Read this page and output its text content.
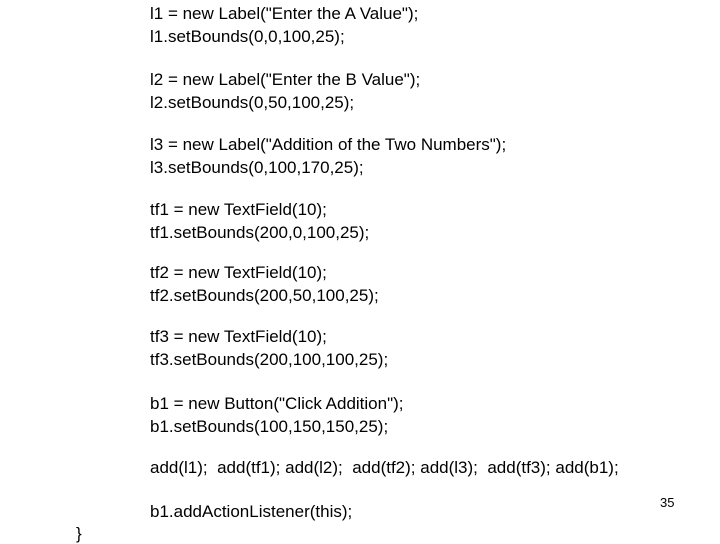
l1 = new Label("Enter the A Value");
l1.setBounds(0,0,100,25);
l2 = new Label("Enter the B Value");
l2.setBounds(0,50,100,25);
l3 = new Label("Addition of the Two Numbers");
l3.setBounds(0,100,170,25);
tf1 = new TextField(10);
tf1.setBounds(200,0,100,25);
tf2 = new TextField(10);
tf2.setBounds(200,50,100,25);
tf3 = new TextField(10);
tf3.setBounds(200,100,100,25);
b1 = new Button("Click Addition");
b1.setBounds(100,150,150,25);
add(l1);  add(tf1); add(l2);  add(tf2); add(l3);  add(tf3); add(b1);
b1.addActionListener(this);
}
35
